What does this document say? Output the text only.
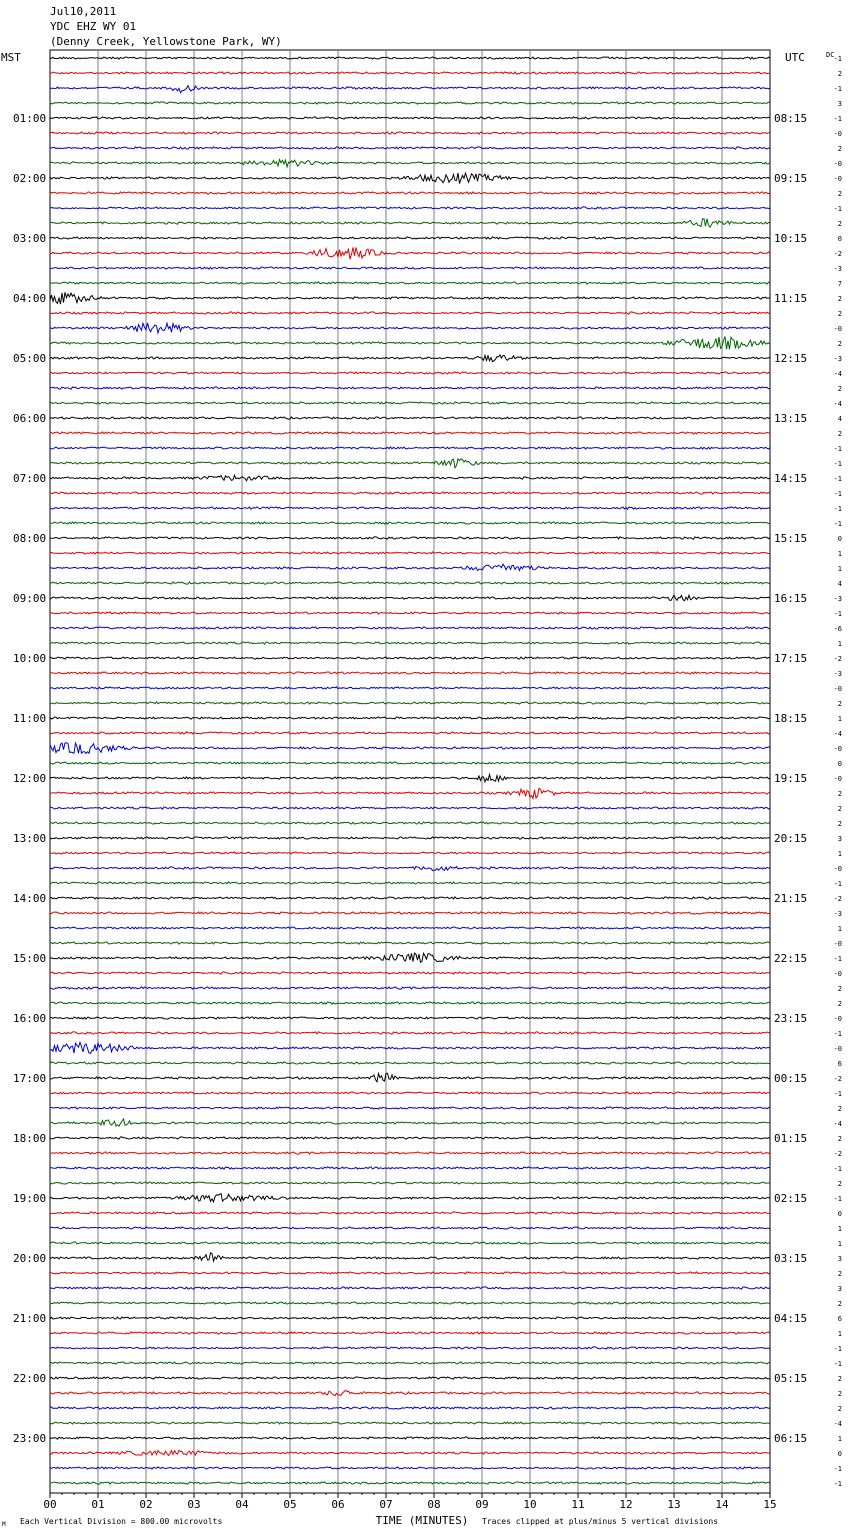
Jul10,2011
YDC EHZ WY 01
(Denny Creek, Yellowstone Park, WY)
-1
2
-1
3
-1
-0
2
-0
-0
2
-1
2
0
-2
-3
7
2
2
-0
2
-3
-4
2
-4
4
2
-1
-1
-1
-1
-1
-1
0
1
1
4
-3
-1
-6
1
-2
-3
-0
2
1
-4
-0
0
-0
2
2
2
3
1
-0
-1
-2
-3
1
-0
-1
-0
2
2
-0
-1
-0
6
-2
-1
2
-4
2
-2
-1
2
-1
0
1
1
3
2
3
2
6
1
-1
-1
2
2
2
-4
1
0
-1
-1
MST	UTC	DC
01:00
02:00
03:00
04:00
05:00
06:00
07:00
08:00
09:00
10:00
11:00
12:00
13:00
14:00
15:00
16:00
17:00
18:00
19:00
20:00
21:00
22:00
23:00
08:15
09:15
10:15
11:15
12:15
13:15
14:15
15:15
16:15
17:15
18:15
19:15
20:15
21:15
22:15
23:15
00:15
01:15
02:15
03:15
04:15
05:15
06:15
00	01	02	03	04	05	06	07	08	09	10	11	12	13	14	15
TIME (MINUTES)
Each Vertical Division = 800.00 microvolts	Traces clipped at plus/minus 5 vertical divisions
M
